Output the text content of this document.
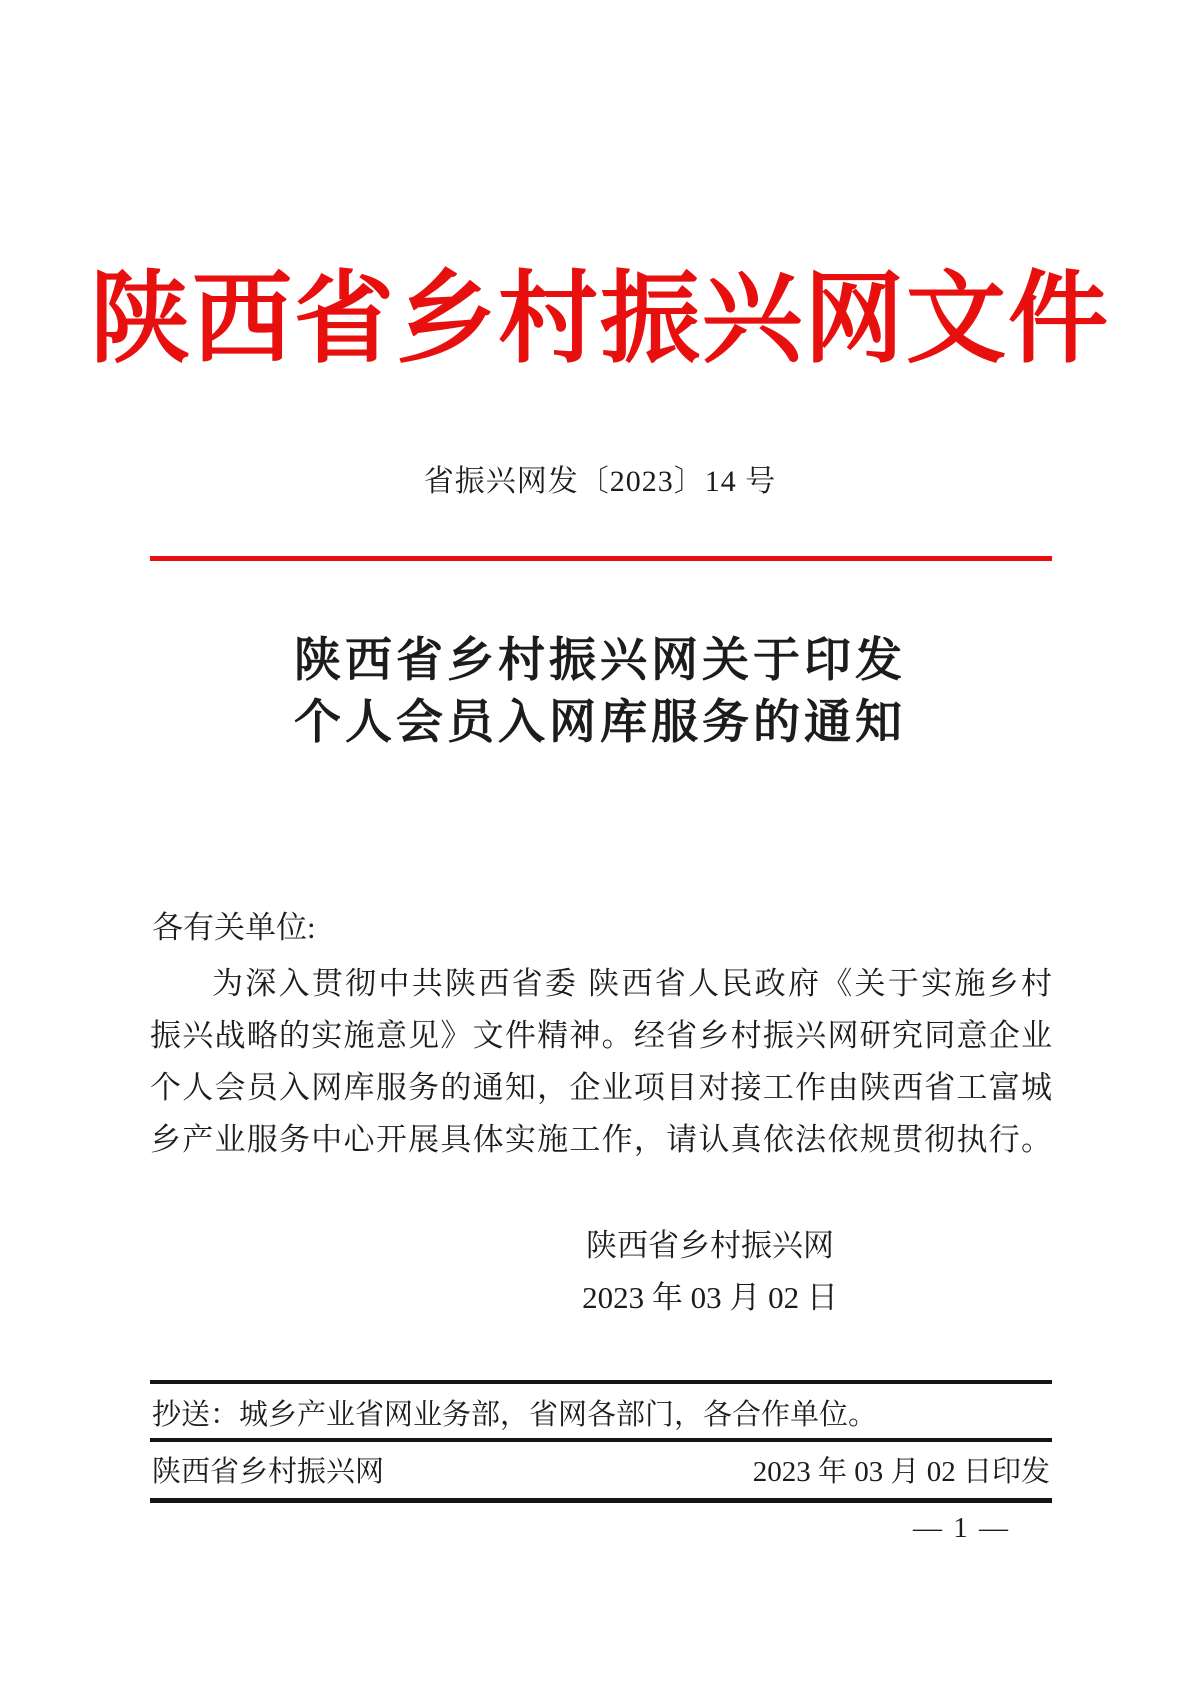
陕西省乡村振兴网文件
省振兴网发〔2023〕14 号
陕西省乡村振兴网关于印发
个人会员入网库服务的通知
各有关单位:
为深入贯彻中共陕西省委 陕西省人民政府《关于实施乡村
振兴战略的实施意见》文件精神。经省乡村振兴网研究同意企业
个人会员入网库服务的通知，企业项目对接工作由陕西省工富城
乡产业服务中心开展具体实施工作，请认真依法依规贯彻执行。
陕西省乡村振兴网
2023 年 03 月 02 日
抄送：城乡产业省网业务部，省网各部门，各合作单位。
陕西省乡村振兴网	2023 年 03 月 02 日印发
— 1 —
